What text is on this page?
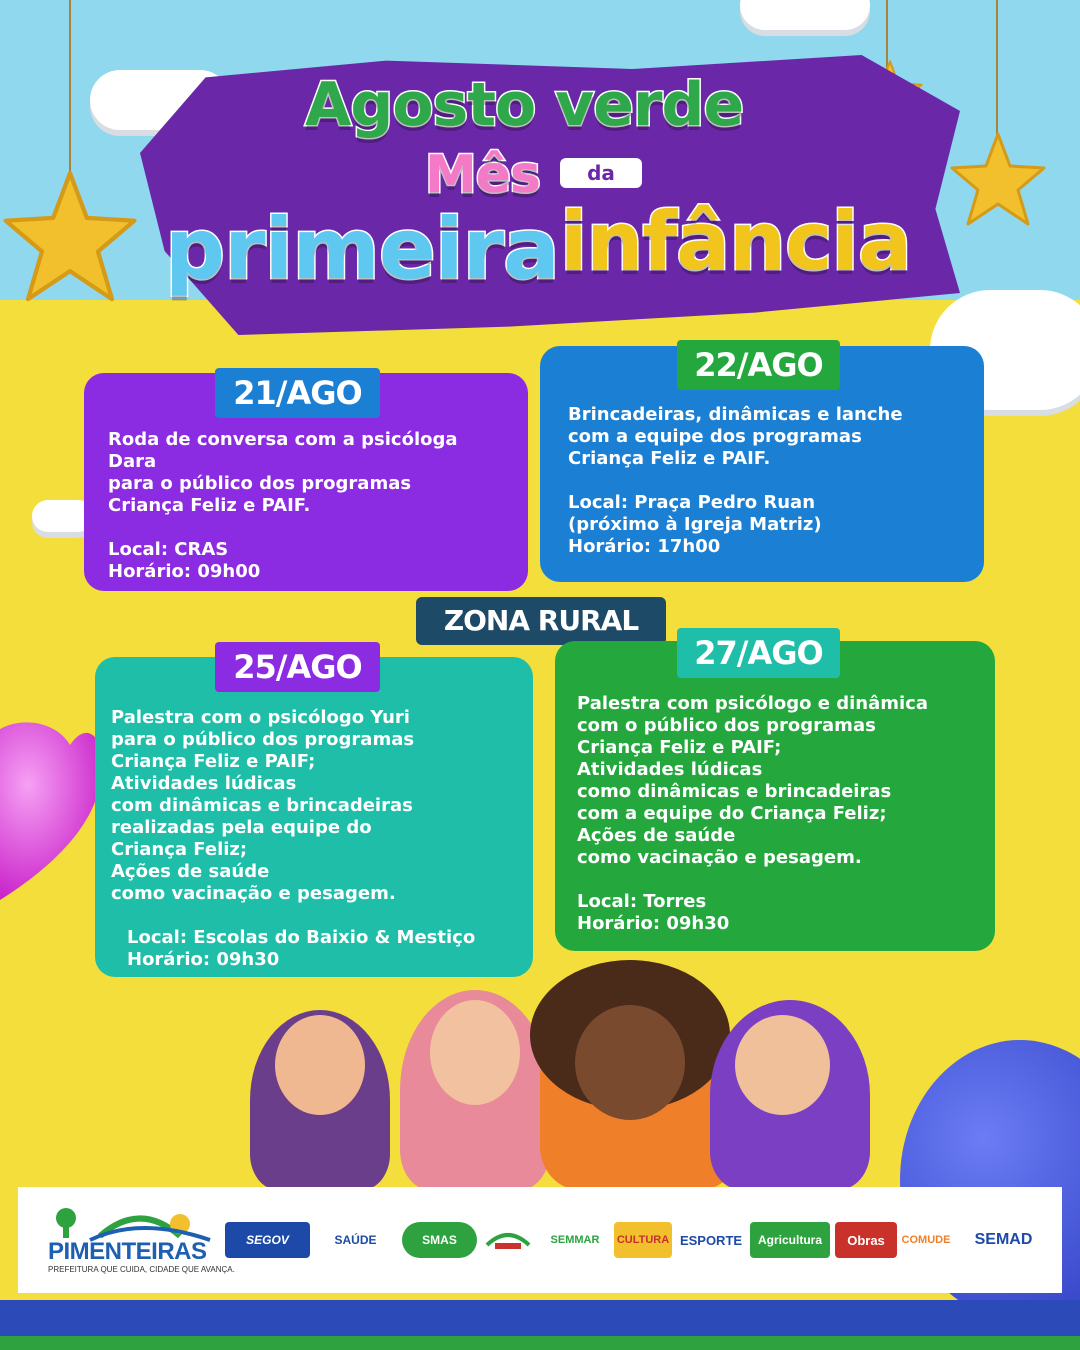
Agosto verde
Mês	da
primeira infância

Roda de conversa com a psicóloga

Dara

para o público dos programas

Criança Feliz e PAIF.

Local: CRAS

Horário: 09h00

21/AGO

Brincadeiras, dinâmicas e lanche

com a equipe dos programas

Criança Feliz e PAIF.

Local: Praça Pedro Ruan

(próximo à Igreja Matriz)

Horário: 17h00

22/AGO
ZONA RURAL

Palestra com o psicólogo Yuri

para o público dos programas

Criança Feliz e PAIF;

Atividades lúdicas

com dinâmicas e brincadeiras

realizadas pela equipe do

Criança Feliz;

Ações de saúde

como vacinação e pesagem.

Local: Escolas do Baixio & Mestiço

Horário: 09h30

25/AGO

Palestra com psicólogo e dinâmica

com o público dos programas

Criança Feliz e PAIF;

Atividades lúdicas

como dinâmicas e brincadeiras

com a equipe do Criança Feliz;

Ações de saúde

como vacinação e pesagem.

Local: Torres

Horário: 09h30

27/AGO
PIMENTEIRAS
PREFEITURA QUE CUIDA, CIDADE QUE AVANÇA.
SEGOV	SAÚDE	SMAS	SEMMAR	CULTURA ESPORTE	Agricultura	Obras	COMUDE	SEMAD
